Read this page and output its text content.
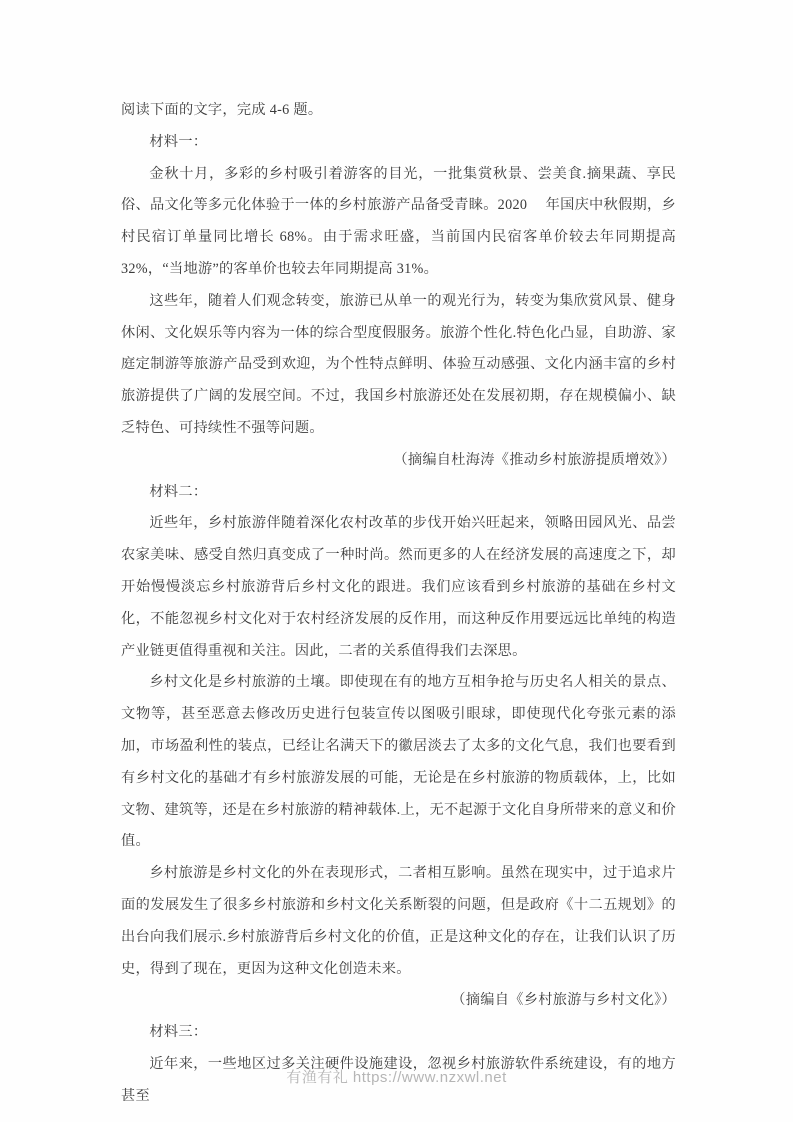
阅读下面的文字，完成 4-6 题。

材料一：

金秋十月，多彩的乡村吸引着游客的目光，一批集赏秋景、尝美食.摘果蔬、享民俗、品文化等多元化体验于一体的乡村旅游产品备受青睐。2020　 年国庆中秋假期，乡村民宿订单量同比增长 68%。由于需求旺盛，当前国内民宿客单价较去年同期提高 32%，“当地游”的客单价也较去年同期提高 31%。

这些年，随着人们观念转变，旅游已从单一的观光行为，转变为集欣赏风景、健身休闲、文化娱乐等内容为一体的综合型度假服务。旅游个性化.特色化凸显，自助游、家庭定制游等旅游产品受到欢迎，为个性特点鲜明、体验互动感强、文化内涵丰富的乡村旅游提供了广阔的发展空间。不过，我国乡村旅游还处在发展初期，存在规模偏小、缺乏特色、可持续性不强等问题。

（摘编自杜海涛《推动乡村旅游提质增效》）

材料二：

近些年，乡村旅游伴随着深化农村改革的步伐开始兴旺起来，领略田园风光、品尝农家美味、感受自然归真变成了一种时尚。然而更多的人在经济发展的高速度之下，却开始慢慢淡忘乡村旅游背后乡村文化的跟进。我们应该看到乡村旅游的基础在乡村文化，不能忽视乡村文化对于农村经济发展的反作用，而这种反作用要远远比单纯的构造产业链更值得重视和关注。因此，二者的关系值得我们去深思。

乡村文化是乡村旅游的土壤。即使现在有的地方互相争抢与历史名人相关的景点、文物等，甚至恶意去修改历史进行包装宣传以图吸引眼球，即使现代化夸张元素的添加，市场盈利性的装点，已经让名满天下的徽居淡去了太多的文化气息，我们也要看到有乡村文化的基础才有乡村旅游发展的可能，无论是在乡村旅游的物质载体，上，比如文物、建筑等，还是在乡村旅游的精神载体.上，无不起源于文化自身所带来的意义和价值。

乡村旅游是乡村文化的外在表现形式，二者相互影响。虽然在现实中，过于追求片面的发展发生了很多乡村旅游和乡村文化关系断裂的问题，但是政府《十二五规划》的出台向我们展示.乡村旅游背后乡村文化的价值，正是这种文化的存在，让我们认识了历史，得到了现在，更因为这种文化创造未来。

（摘编自《乡村旅游与乡村文化》）

材料三：

近年来，一些地区过多关注硬件设施建设，忽视乡村旅游软件系统建设，有的地方甚至

有渔有礼 https://www.nzxwl.net
